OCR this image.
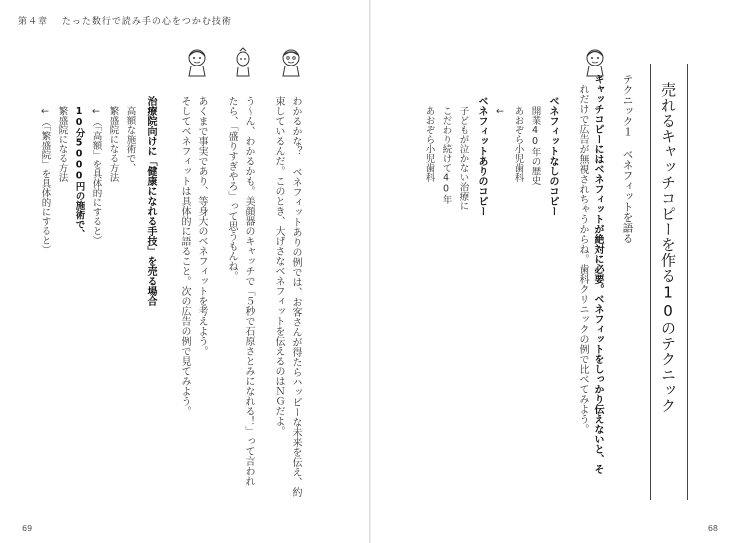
第４章 たった数行で読み手の心をつかむ技術
売れるキャッチコピーを作る10のテクニック
テクニック１ ベネフィットを語る
キャッチコピーにはベネフィットが絶対に必要。ベネフィットをしっかり伝えないと、そ
れだけで広告が無視されちゃうからね。歯科クリニックの例で比べてみよう。
ベネフィットなしのコピー
開業40年の歴史
あおぞら小児歯科
←
ベネフィットありのコピー
子どもが泣かない治療に
こだわり続けて40年
あおぞら小児歯科
わかるかな？ ベネフィットありの例では、お客さんが得たらハッピーな未来を伝え、約
束しているんだ。このとき、大げさなベネフィットを伝えるのはＮＧだよ。
う～ん、わかるかも。美顔器のキャッチで「５秒で石原さとみになれる！」って言われ
たら、「盛りすぎやろ」って思うもんね。
あくまで事実であり、等身大のベネフィットを考えよう。
そしてベネフィットは具体的に語ること。次の広告の例で見てみよう。
治療院向けに「健康になれる手技」を売る場合
高額な施術で、
繁盛院になる方法
←（「高額」を具体的にすると）
10分5000円の施術で、
繁盛院になる方法
←（「繁盛院」を具体的にすると）
69	68
